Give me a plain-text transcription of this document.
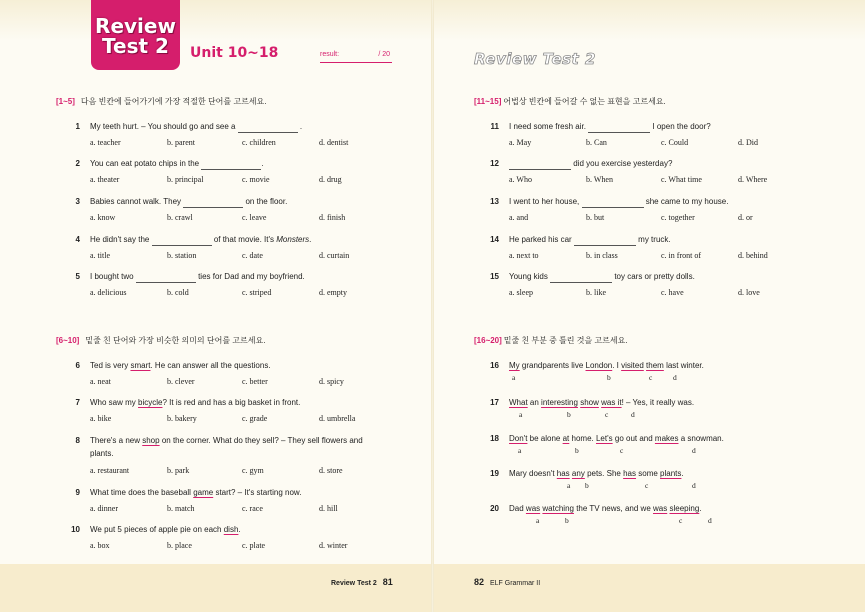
Review
Test 2	Unit 10~18	result:	/ 20	Review Test 2
[1~5] 다음 빈칸에 들어가기에 가장 적절한 단어를 고르세요.
[6~10] 밑줄 친 단어와 가장 비슷한 의미의 단어를 고르세요.
[11~15] 어법상 빈칸에 들어갈 수 없는 표현을 고르세요.
[16~20] 밑줄 친 부분 중 틀린 것을 고르세요.
1 My teeth hurt. – You should go and see a	.
a. teacher	b. parent	c. children	d. dentist
2 You can eat potato chips in the	.
a. theater	b. principal	c. movie	d. drug
3 Babies cannot walk. They	on the floor.
a. know	b. crawl	c. leave	d. finish
4 He didn't say the	of that movie. It's Monsters.
a. title	b. station	c. date	d. curtain
5 I bought two	ties for Dad and my boyfriend.
a. delicious	b. cold	c. striped	d. empty
6 Ted is very smart. He can answer all the questions.
a. neat	b. clever	c. better	d. spicy
7 Who saw my bicycle? It is red and has a big basket in front.
a. bike	b. bakery	c. grade	d. umbrella
8 There's a new shop on the corner. What do they sell? – They sell flowers and
plants.
a. restaurant	b. park	c. gym	d. store
9 What time does the baseball game start? – It's starting now.
a. dinner	b. match	c. race	d. hill
10 We put 5 pieces of apple pie on each dish.
a. box	b. place	c. plate	d. winter
11 I need some fresh air.	I open the door?
a. May	b. Can	c. Could	d. Did
12	did you exercise yesterday?
a. Who	b. When	c. What time	d. Where
13 I went to her house,	she came to my house.
a. and	b. but	c. together	d. or
14 He parked his car	my truck.
a. next to	b. in class	c. in front of	d. behind
15 Young kids	toy cars or pretty dolls.
a. sleep	b. like	c. have	d. love
16 My grandparents live London. I visited them last winter.
a	b	c	d
17 What an interesting show was it! – Yes, it really was.
a	b	c	d
18 Don't be alone at home. Let's go out and makes a snowman.
a	b	c	d
19 Mary doesn't has any pets. She has some plants.
a b	c	d
20 Dad was watching the TV news, and we was sleeping.
a	b	c	d
Review Test 2 81	82 ELF Grammar II
